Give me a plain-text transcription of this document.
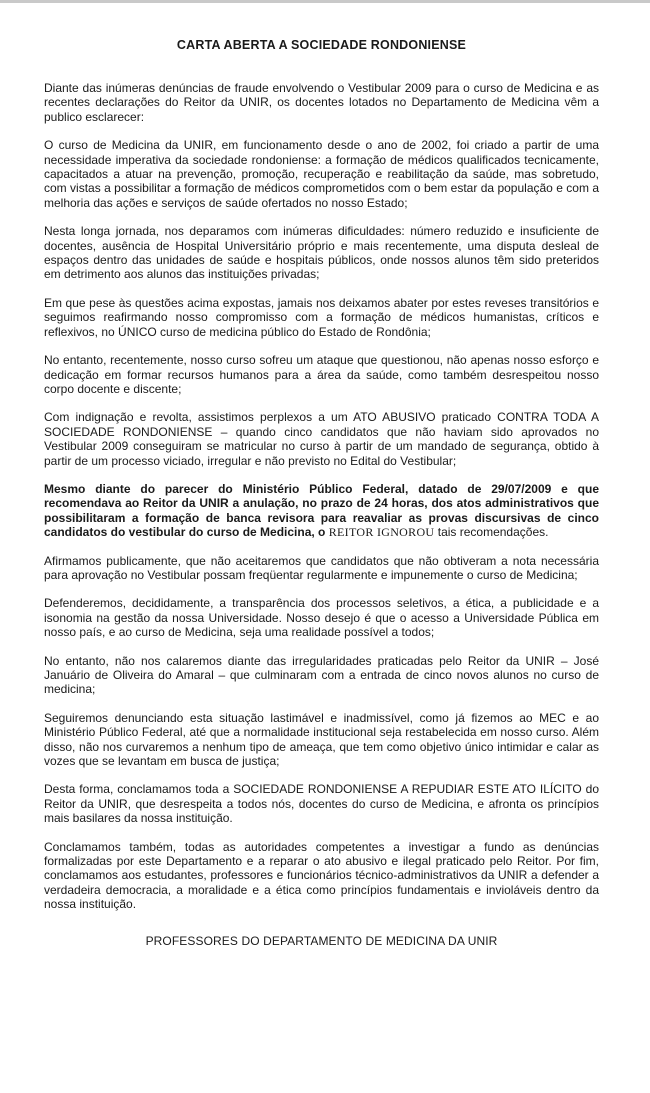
CARTA ABERTA A SOCIEDADE RONDONIENSE

Diante das inúmeras denúncias de fraude envolvendo o Vestibular 2009 para o curso de Medicina e as recentes declarações do Reitor da UNIR, os docentes lotados no Departamento de Medicina vêm a publico esclarecer:

O curso de Medicina da UNIR, em funcionamento desde o ano de 2002, foi criado a partir de uma necessidade imperativa da sociedade rondoniense: a formação de médicos qualificados tecnicamente, capacitados a atuar na prevenção, promoção, recuperação e reabilitação da saúde, mas sobretudo, com vistas a possibilitar a formação de médicos comprometidos com o bem estar da população e com a melhoria das ações e serviços de saúde ofertados no nosso Estado;

Nesta longa jornada, nos deparamos com inúmeras dificuldades: número reduzido e insuficiente de docentes, ausência de Hospital Universitário próprio e mais recentemente, uma disputa desleal de espaços dentro das unidades de saúde e hospitais públicos, onde nossos alunos têm sido preteridos em detrimento aos alunos das instituições privadas;

Em que pese às questões acima expostas, jamais nos deixamos abater por estes reveses transitórios e seguimos reafirmando nosso compromisso com a formação de médicos humanistas, críticos e reflexivos, no ÚNICO curso de medicina público do Estado de Rondônia;

No entanto, recentemente, nosso curso sofreu um ataque que questionou, não apenas nosso esforço e dedicação em formar recursos humanos para a área da saúde, como também desrespeitou nosso corpo docente e discente;

Com indignação e revolta, assistimos perplexos a um ATO ABUSIVO praticado CONTRA TODA A SOCIEDADE RONDONIENSE – quando cinco candidatos que não haviam sido aprovados no Vestibular 2009 conseguiram se matricular no curso à partir de um mandado de segurança, obtido à partir de um processo viciado, irregular e não previsto no Edital do Vestibular;

Mesmo diante do parecer do Ministério Público Federal, datado de 29/07/2009 e que recomendava ao Reitor da UNIR a anulação, no prazo de 24 horas, dos atos administrativos que possibilitaram a formação de banca revisora para reavaliar as provas discursivas de cinco candidatos do vestibular do curso de Medicina, o REITOR IGNOROU tais recomendações.

Afirmamos publicamente, que não aceitaremos que candidatos que não obtiveram a nota necessária para aprovação no Vestibular possam freqüentar regularmente e impunemente o curso de Medicina;

Defenderemos, decididamente, a transparência dos processos seletivos, a ética, a publicidade e a isonomia na gestão da nossa Universidade. Nosso desejo é que o acesso a Universidade Pública em nosso país, e ao curso de Medicina, seja uma realidade possível a todos;

No entanto, não nos calaremos diante das irregularidades praticadas pelo Reitor da UNIR – José Januário de Oliveira do Amaral – que culminaram com a entrada de cinco novos alunos no curso de medicina;

Seguiremos denunciando esta situação lastimável e inadmissível, como já fizemos ao MEC e ao Ministério Público Federal, até que a normalidade institucional seja restabelecida em nosso curso. Além disso, não nos curvaremos a nenhum tipo de ameaça, que tem como objetivo único intimidar e calar as vozes que se levantam em busca de justiça;

Desta forma, conclamamos toda a SOCIEDADE RONDONIENSE A REPUDIAR ESTE ATO ILÍCITO do Reitor da UNIR, que desrespeita a todos nós, docentes do curso de Medicina, e afronta os princípios mais basilares da nossa instituição.

Conclamamos também, todas as autoridades competentes a investigar a fundo as denúncias formalizadas por este Departamento e a reparar o ato abusivo e ilegal praticado pelo Reitor. Por fim, conclamamos aos estudantes, professores e funcionários técnico-administrativos da UNIR a defender a verdadeira democracia, a moralidade e a ética como princípios fundamentais e invioláveis dentro da nossa instituição.

PROFESSORES DO DEPARTAMENTO DE MEDICINA DA UNIR
